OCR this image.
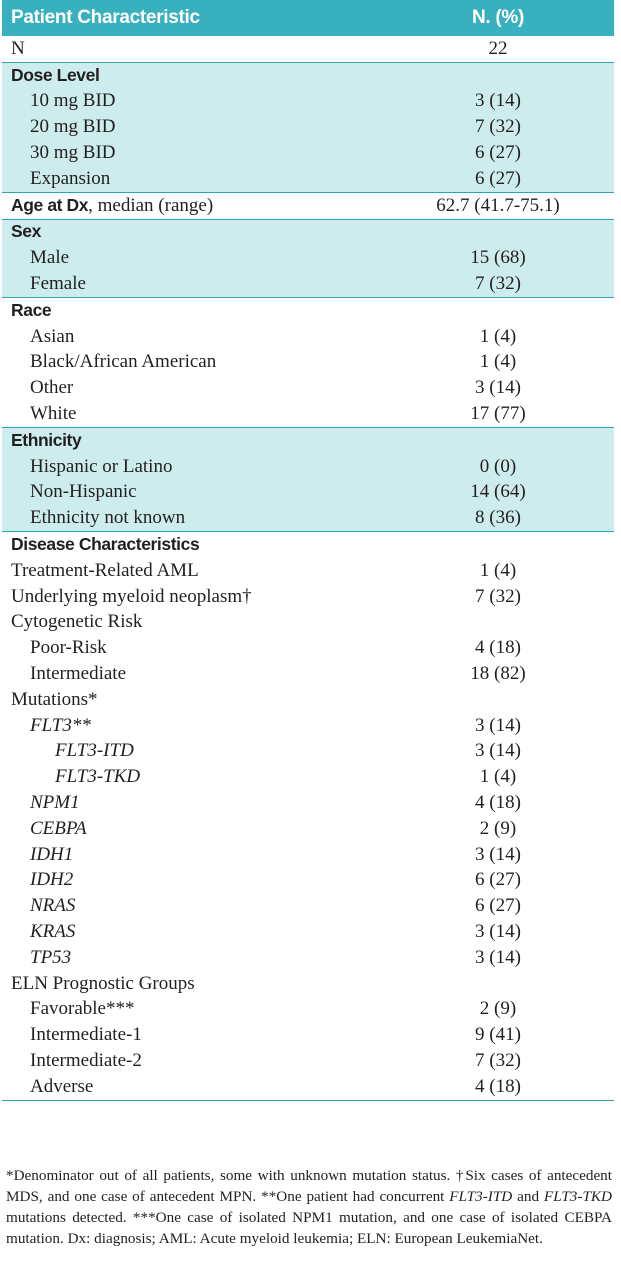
Patient Characteristic	N. (%)
N	22
Dose Level
10 mg BID	3 (14)
20 mg BID	7 (32)
30 mg BID	6 (27)
Expansion	6 (27)
Age at Dx, median (range)	62.7 (41.7-75.1)
Sex
Male	15 (68)
Female	7 (32)
Race
Asian	1 (4)
Black/African American	1 (4)
Other	3 (14)
White	17 (77)
Ethnicity
Hispanic or Latino	0 (0)
Non-Hispanic	14 (64)
Ethnicity not known	8 (36)
Disease Characteristics
Treatment-Related AML	1 (4)
Underlying myeloid neoplasm†	7 (32)
Cytogenetic Risk
Poor-Risk	4 (18)
Intermediate	18 (82)
Mutations*
FLT3**	3 (14)
FLT3-ITD	3 (14)
FLT3-TKD	1 (4)
NPM1	4 (18)
CEBPA	2 (9)
IDH1	3 (14)
IDH2	6 (27)
NRAS	6 (27)
KRAS	3 (14)
TP53	3 (14)
ELN Prognostic Groups
Favorable***	2 (9)
Intermediate-1	9 (41)
Intermediate-2	7 (32)
Adverse	4 (18)
*Denominator out of all patients, some with unknown mutation status. †Six cases of antecedent MDS, and one case of antecedent MPN. **One patient had concurrent FLT3-ITD and FLT3-TKD mutations detected. ***One case of isolated NPM1 mutation, and one case of isolated CEBPA mutation. Dx: diagnosis; AML: Acute myeloid leukemia; ELN: European LeukemiaNet.
